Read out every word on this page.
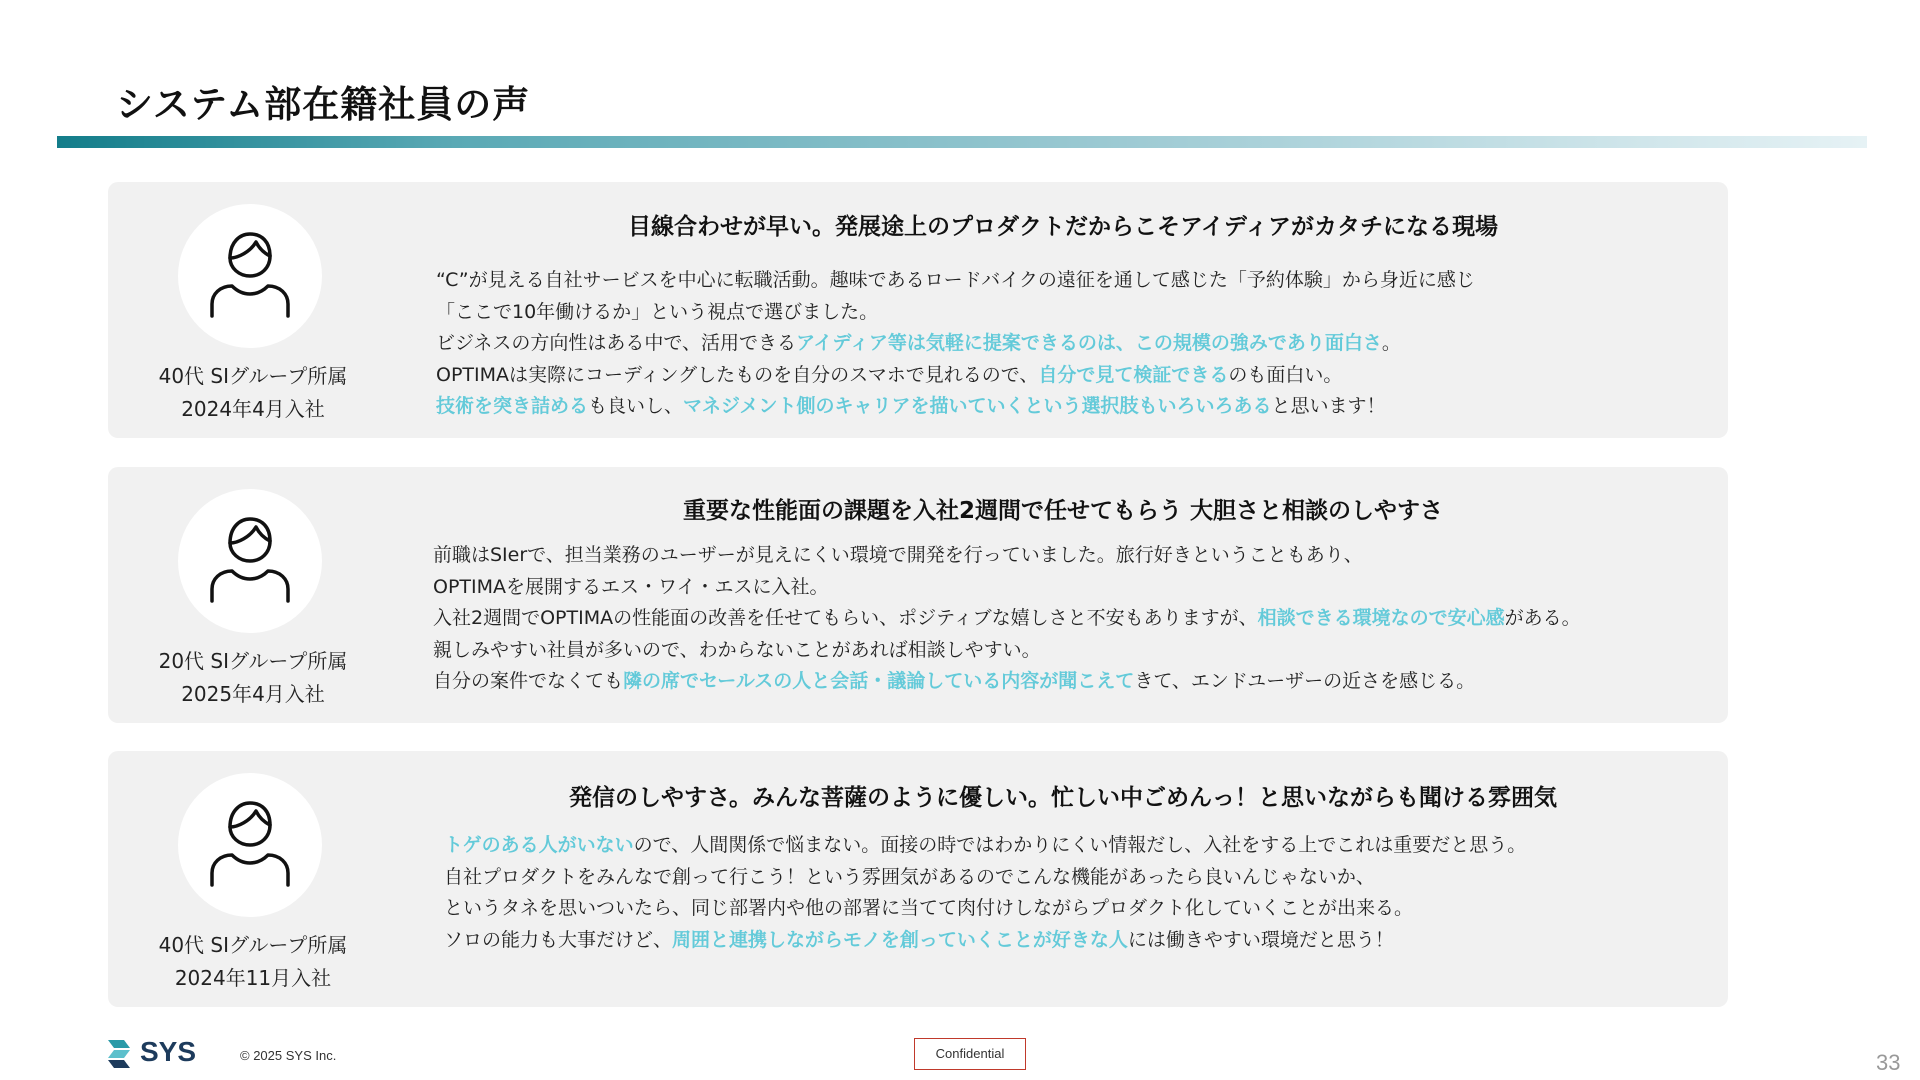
システム部在籍社員の声
40代 SIグループ所属
2024年4月入社
目線合わせが早い。発展途上のプロダクトだからこそアイディアがカタチになる現場
“C”が見える自社サービスを中心に転職活動。趣味であるロードバイクの遠征を通して感じた「予約体験」から身近に感じ
「ここで10年働けるか」という視点で選びました。
ビジネスの方向性はある中で、活用できるアイディア等は気軽に提案できるのは、この規模の強みであり面白さ。
OPTIMAは実際にコーディングしたものを自分のスマホで見れるので、自分で見て検証できるのも面白い。
技術を突き詰めるも良いし、マネジメント側のキャリアを描いていくという選択肢もいろいろあると思います！
20代 SIグループ所属
2025年4月入社
重要な性能面の課題を入社2週間で任せてもらう 大胆さと相談のしやすさ
前職はSIerで、担当業務のユーザーが見えにくい環境で開発を行っていました。旅行好きということもあり、
OPTIMAを展開するエス・ワイ・エスに入社。
入社2週間でOPTIMAの性能面の改善を任せてもらい、ポジティブな嬉しさと不安もありますが、相談できる環境なので安心感がある。
親しみやすい社員が多いので、わからないことがあれば相談しやすい。
自分の案件でなくても隣の席でセールスの人と会話・議論している内容が聞こえてきて、エンドユーザーの近さを感じる。
40代 SIグループ所属
2024年11月入社
発信のしやすさ。みんな菩薩のように優しい。忙しい中ごめんっ！と思いながらも聞ける雰囲気
トゲのある人がいないので、人間関係で悩まない。面接の時ではわかりにくい情報だし、入社をする上でこれは重要だと思う。
自社プロダクトをみんなで創って行こう！という雰囲気があるのでこんな機能があったら良いんじゃないか、
というタネを思いついたら、同じ部署内や他の部署に当てて肉付けしながらプロダクト化していくことが出来る。
ソロの能力も大事だけど、周囲と連携しながらモノを創っていくことが好きな人には働きやすい環境だと思う！
SYS	© 2025 SYS Inc.	Confidential	33
